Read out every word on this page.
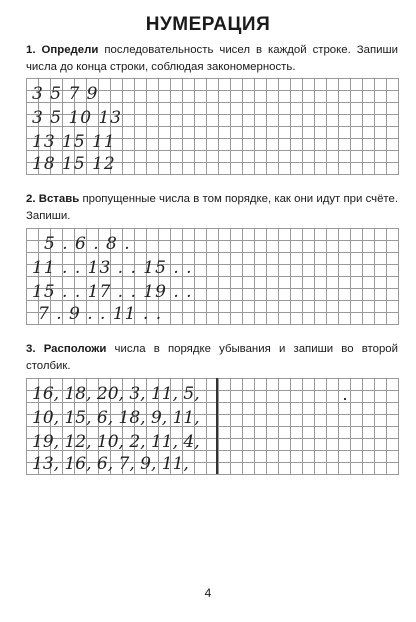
НУМЕРАЦИЯ
1. Определи последовательность чисел в каждой строке. Запиши числа до конца строки, соблюдая закономерность.
3 5 7 9
3 5 10 13
13 15 11
18 15 12
2. Вставь пропущенные числа в том порядке, как они идут при счёте. Запиши.
5 . 6 . 8 .
11 . . 13 . . 15 . .
15 . . 17 . . 19 . .
7 . 9 . . 11 . .
3. Расположи числа в порядке убывания и запиши во второй столбик.
16, 18, 20, 3, 11, 5,
10, 15, 6, 18, 9, 11,
19, 12, 10, 2, 11, 4,
13, 16, 6, 7, 9, 11,
4
